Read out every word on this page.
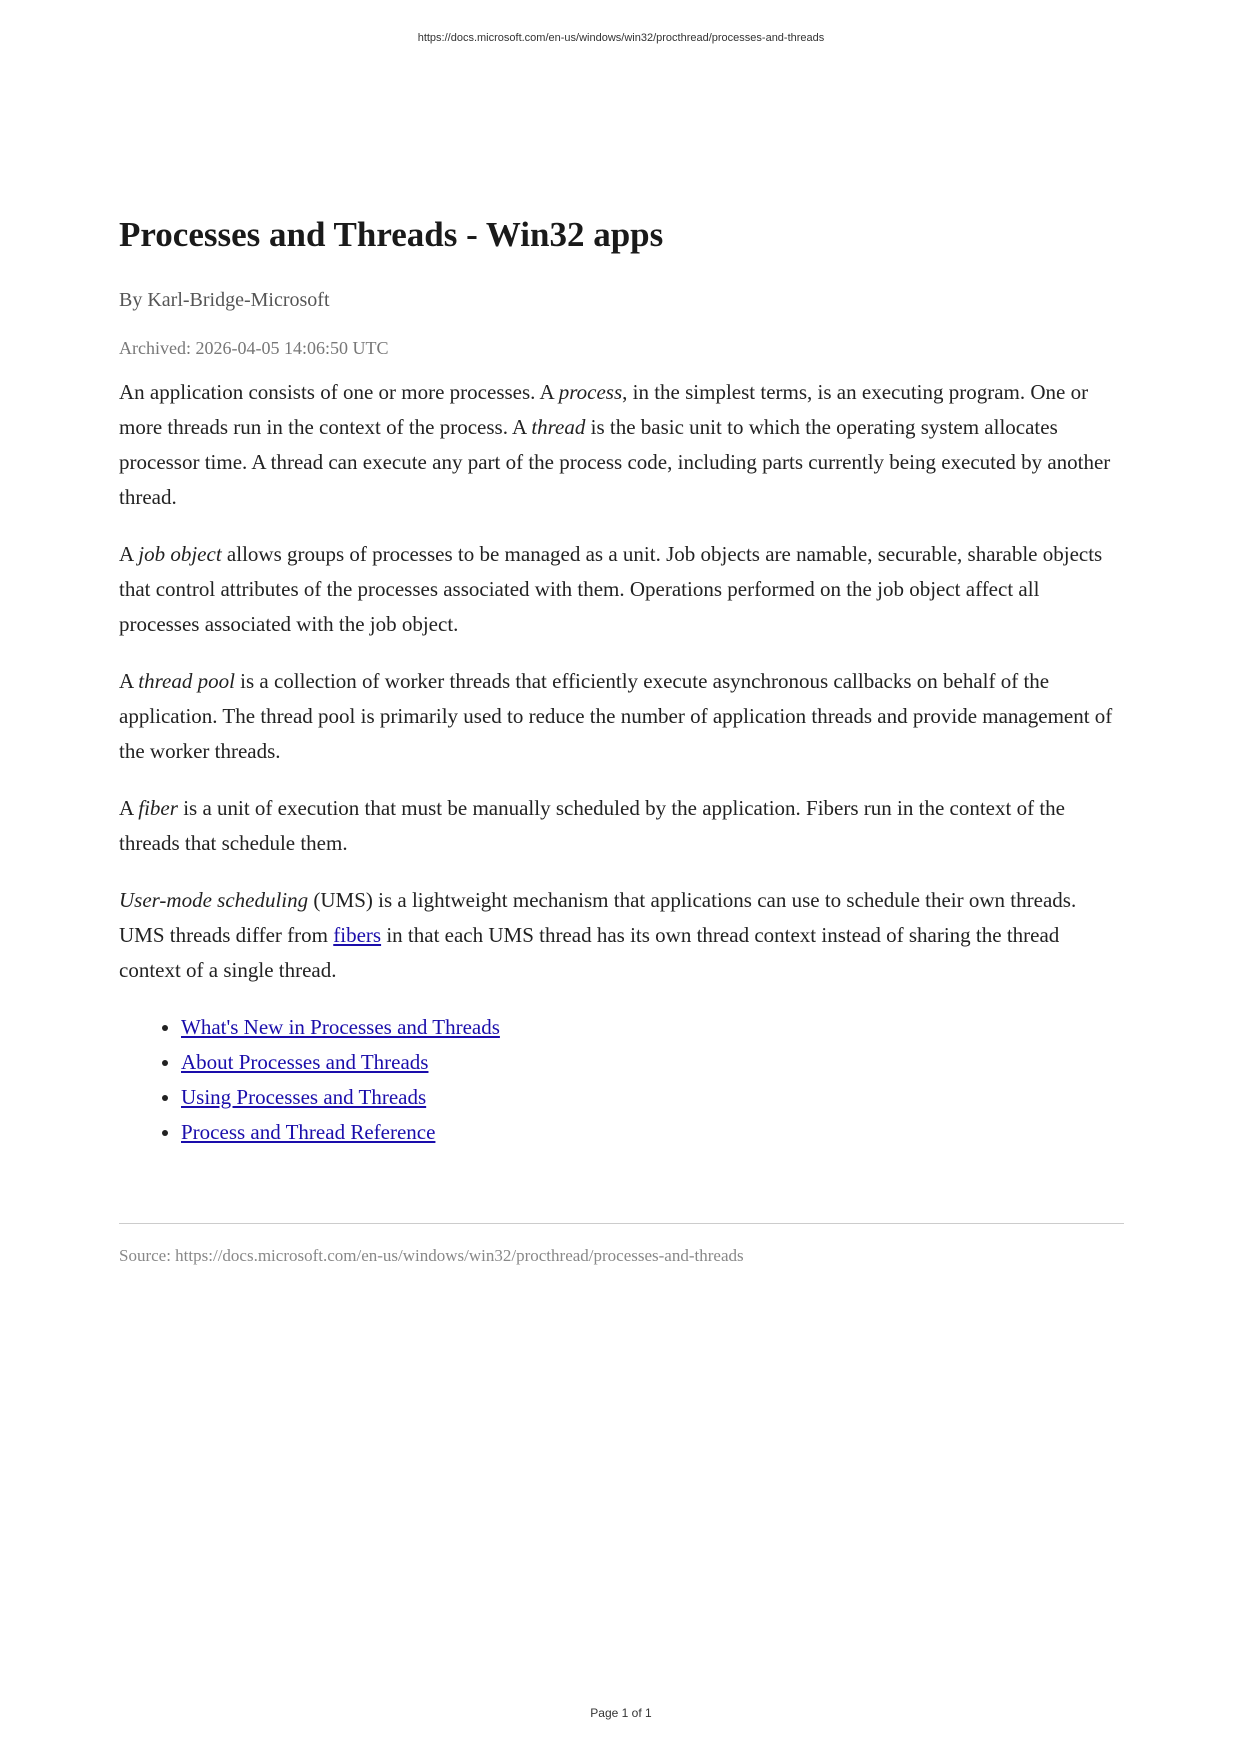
https://docs.microsoft.com/en-us/windows/win32/procthread/processes-and-threads
Processes and Threads - Win32 apps
By Karl-Bridge-Microsoft
Archived: 2026-04-05 14:06:50 UTC

An application consists of one or more processes. A process, in the simplest terms, is an executing program. One or more threads run in the context of the process. A thread is the basic unit to which the operating system allocates processor time. A thread can execute any part of the process code, including parts currently being executed by another thread.

A job object allows groups of processes to be managed as a unit. Job objects are namable, securable, sharable objects that control attributes of the processes associated with them. Operations performed on the job object affect all processes associated with the job object.

A thread pool is a collection of worker threads that efficiently execute asynchronous callbacks on behalf of the application. The thread pool is primarily used to reduce the number of application threads and provide management of the worker threads.

A fiber is a unit of execution that must be manually scheduled by the application. Fibers run in the context of the threads that schedule them.

User-mode scheduling (UMS) is a lightweight mechanism that applications can use to schedule their own threads. UMS threads differ from fibers in that each UMS thread has its own thread context instead of sharing the thread context of a single thread.

• What's New in Processes and Threads
• About Processes and Threads
• Using Processes and Threads
• Process and Thread Reference
Source: https://docs.microsoft.com/en-us/windows/win32/procthread/processes-and-threads
Page 1 of 1
